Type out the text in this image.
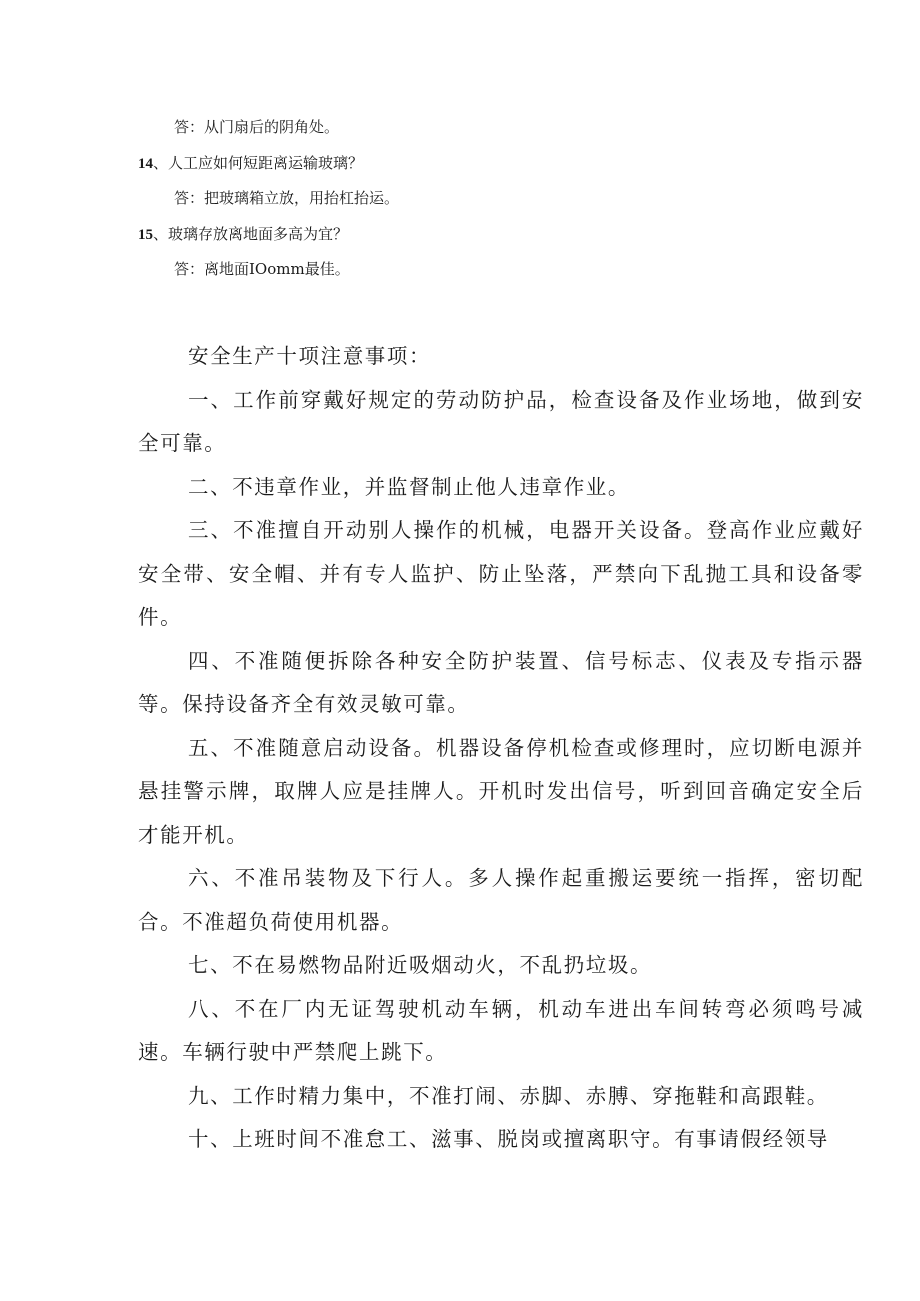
答：从门扇后的阴角处。
14、人工应如何短距离运输玻璃？
答：把玻璃箱立放，用抬杠抬运。
15、玻璃存放离地面多高为宜？
答：离地面IOomm最佳。

安全生产十项注意事项：

一、工作前穿戴好规定的劳动防护品，检查设备及作业场地，做到安全可靠。

二、不违章作业，并监督制止他人违章作业。

三、不准擅自开动别人操作的机械，电器开关设备。登高作业应戴好安全带、安全帽、并有专人监护、防止坠落，严禁向下乱抛工具和设备零件。

四、不准随便拆除各种安全防护装置、信号标志、仪表及专指示器等。保持设备齐全有效灵敏可靠。

五、不准随意启动设备。机器设备停机检查或修理时，应切断电源并悬挂警示牌，取牌人应是挂牌人。开机时发出信号，听到回音确定安全后才能开机。

六、不准吊装物及下行人。多人操作起重搬运要统一指挥，密切配合。不准超负荷使用机器。

七、不在易燃物品附近吸烟动火，不乱扔垃圾。

八、不在厂内无证驾驶机动车辆，机动车进出车间转弯必须鸣号减速。车辆行驶中严禁爬上跳下。

九、工作时精力集中，不准打闹、赤脚、赤膊、穿拖鞋和高跟鞋。

十、上班时间不准怠工、滋事、脱岗或擅离职守。有事请假经领导
